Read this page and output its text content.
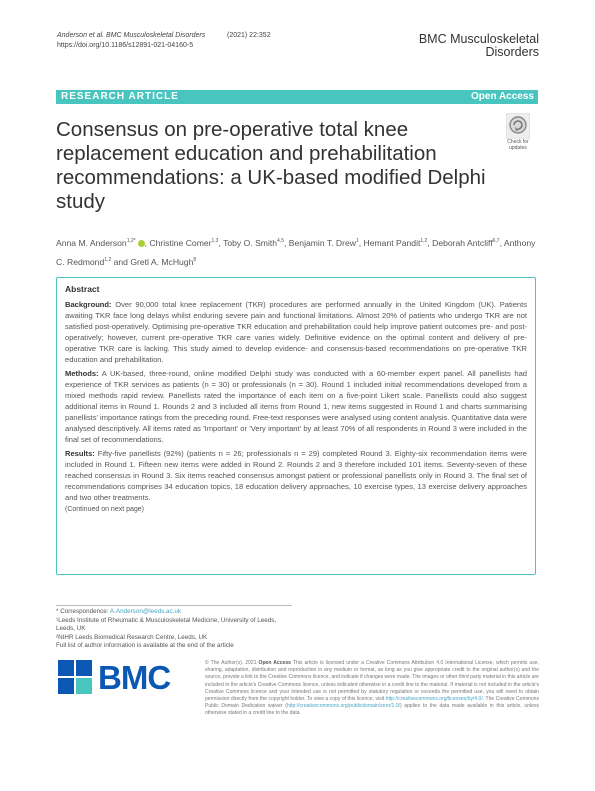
Anderson et al. BMC Musculoskeletal Disorders	(2021) 22:352
https://doi.org/10.1186/s12891-021-04160-5	BMC Musculoskeletal
Disorders
RESEARCH ARTICLE	Open Access
Consensus on pre-operative total knee replacement education and prehabilitation recommendations: a UK-based modified Delphi study
Check for updates
Anna M. Anderson$^{1,2*}$ , Christine Comer$^{1,3}$, Toby O. Smith$^{4,5}$, Benjamin T. Drew$^1$, Hemant Pandit$^{1,2}$, Deborah Antcliff$^{6,7}$, Anthony C. Redmond$^{1,2}$ and Gretl A. McHugh$^8$
Abstract

Background: Over 90,000 total knee replacement (TKR) procedures are performed annually in the United Kingdom (UK). Patients awaiting TKR face long delays whilst enduring severe pain and functional limitations. Almost 20% of patients who undergo TKR are not satisfied post-operatively. Optimising pre-operative TKR education and prehabilitation could help improve patient outcomes pre- and post-operatively; however, current pre-operative TKR care varies widely. Definitive evidence on the optimal content and delivery of pre-operative TKR care is lacking. This study aimed to develop evidence- and consensus-based recommendations on pre-operative TKR education and prehabilitation.

Methods: A UK-based, three-round, online modified Delphi study was conducted with a 60-member expert panel. All panellists had experience of TKR services as patients (n = 30) or professionals (n = 30). Round 1 included initial recommendations developed from a mixed methods rapid review. Panellists rated the importance of each item on a five-point Likert scale. Panellists could also suggest additional items in Round 1. Rounds 2 and 3 included all items from Round 1, new items suggested in Round 1 and charts summarising panellists' importance ratings from the preceding round. Free-text responses were analysed using content analysis. Quantitative data were analysed descriptively. All items rated as 'Important' or 'Very important' by at least 70% of all respondents in Round 3 were included in the final set of recommendations.

Results: Fifty-five panellists (92%) (patients n = 26; professionals n = 29) completed Round 3. Eighty-six recommendation items were included in Round 1. Fifteen new items were added in Round 2. Rounds 2 and 3 therefore included 101 items. Seventy-seven of these reached consensus in Round 3. Six items reached consensus amongst patient or professional panellists only in Round 3. The final set of recommendations comprises 34 education topics, 18 education delivery approaches, 10 exercise types, 13 exercise delivery approaches and two other treatments.

(Continued on next page)
* Correspondence: A.Anderson@leeds.ac.uk
¹Leeds Institute of Rheumatic & Musculoskeletal Medicine, University of Leeds, Leeds, UK
²NIHR Leeds Biomedical Research Centre, Leeds, UK
Full list of author information is available at the end of the article
BMC	© The Author(s). 2021 Open Access This article is licensed under a Creative Commons Attribution 4.0 International License, which permits use, sharing, adaptation, distribution and reproduction in any medium or format, as long as you give appropriate credit to the original author(s) and the source, provide a link to the Creative Commons licence, and indicate if changes were made. The images or other third party material in this article are included in the article's Creative Commons licence, unless indicated otherwise in a credit line to the material. If material is not included in the article's Creative Commons licence and your intended use is not permitted by statutory regulation or exceeds the permitted use, you will need to obtain permission directly from the copyright holder. To view a copy of this licence, visit http://creativecommons.org/licenses/by/4.0/. The Creative Commons Public Domain Dedication waiver (http://creativecommons.org/publicdomain/zero/1.0/) applies to the data made available in this article, unless otherwise stated in a credit line to the data.
